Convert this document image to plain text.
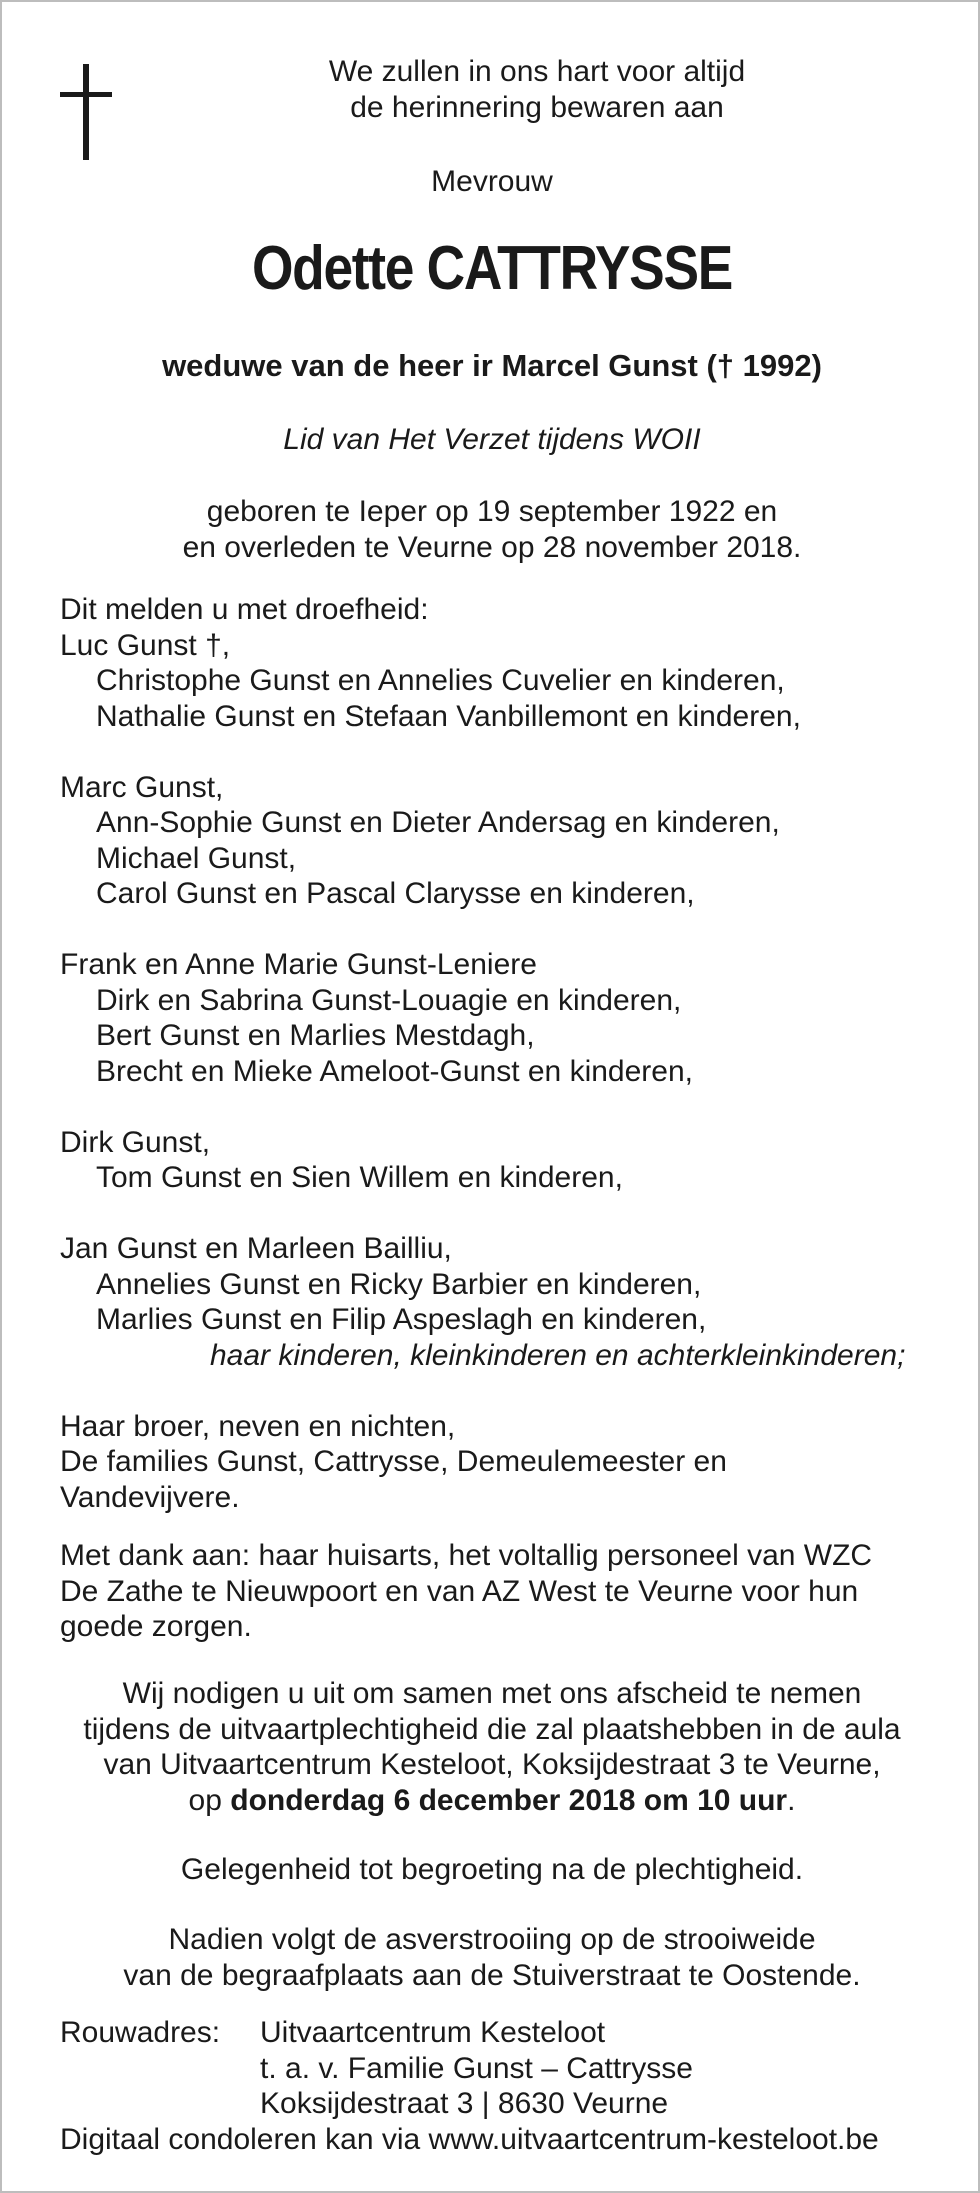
We zullen in ons hart voor altijd
de herinnering bewaren aan
Mevrouw
Odette CATTRYSSE
weduwe van de heer ir Marcel Gunst († 1992)
Lid van Het Verzet tijdens WOII
geboren te Ieper op 19 september 1922 en
en overleden te Veurne op 28 november 2018.
Dit melden u met droefheid:
Luc Gunst †,
Christophe Gunst en Annelies Cuvelier en kinderen,
Nathalie Gunst en Stefaan Vanbillemont en kinderen,
Marc Gunst,
Ann-Sophie Gunst en Dieter Andersag en kinderen,
Michael Gunst,
Carol Gunst en Pascal Clarysse en kinderen,
Frank en Anne Marie Gunst-Leniere
Dirk en Sabrina Gunst-Louagie en kinderen,
Bert Gunst en Marlies Mestdagh,
Brecht en Mieke Ameloot-Gunst en kinderen,
Dirk Gunst,
Tom Gunst en Sien Willem en kinderen,
Jan Gunst en Marleen Bailliu,
Annelies Gunst en Ricky Barbier en kinderen,
Marlies Gunst en Filip Aspeslagh en kinderen,
haar kinderen, kleinkinderen en achterkleinkinderen;
Haar broer, neven en nichten,
De families Gunst, Cattrysse, Demeulemeester en
Vandevijvere.
Met dank aan: haar huisarts, het voltallig personeel van WZC
De Zathe te Nieuwpoort en van AZ West te Veurne voor hun
goede zorgen.
Wij nodigen u uit om samen met ons afscheid te nemen
tijdens de uitvaartplechtigheid die zal plaatshebben in de aula
van Uitvaartcentrum Kesteloot, Koksijdestraat 3 te Veurne,
op donderdag 6 december 2018 om 10 uur.
Gelegenheid tot begroeting na de plechtigheid.
Nadien volgt de asverstrooiing op de strooiweide
van de begraafplaats aan de Stuiverstraat te Oostende.
Rouwadres:	Uitvaartcentrum Kesteloot
t. a. v. Familie Gunst – Cattrysse
Koksijdestraat 3 | 8630 Veurne
Digitaal condoleren kan via www.uitvaartcentrum-kesteloot.be
